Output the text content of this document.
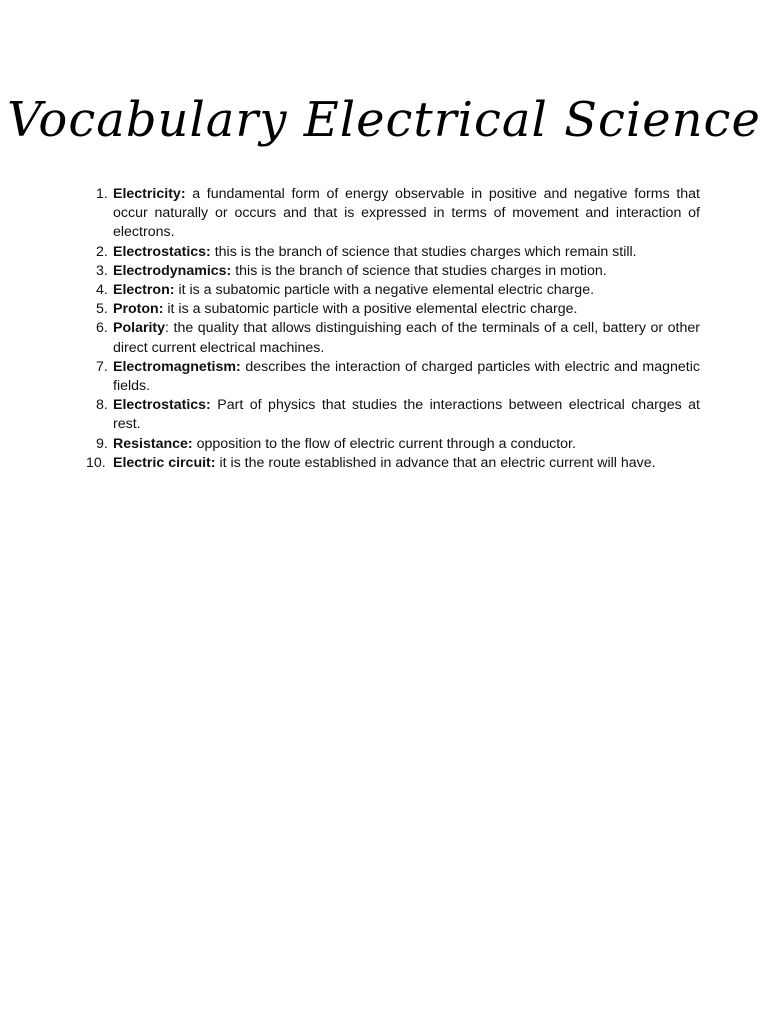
Vocabulary Electrical Science
1. Electricity: a fundamental form of energy observable in positive and negative forms that occur naturally or occurs and that is expressed in terms of movement and interaction of electrons.
2. Electrostatics: this is the branch of science that studies charges which remain still.
3. Electrodynamics: this is the branch of science that studies charges in motion.
4. Electron: it is a subatomic particle with a negative elemental electric charge.
5. Proton: it is a subatomic particle with a positive elemental electric charge.
6. Polarity: the quality that allows distinguishing each of the terminals of a cell, battery or other direct current electrical machines.
7. Electromagnetism: describes the interaction of charged particles with electric and magnetic fields.
8. Electrostatics: Part of physics that studies the interactions between electrical charges at rest.
9. Resistance: opposition to the flow of electric current through a conductor.
10. Electric circuit: it is the route established in advance that an electric current will have.
